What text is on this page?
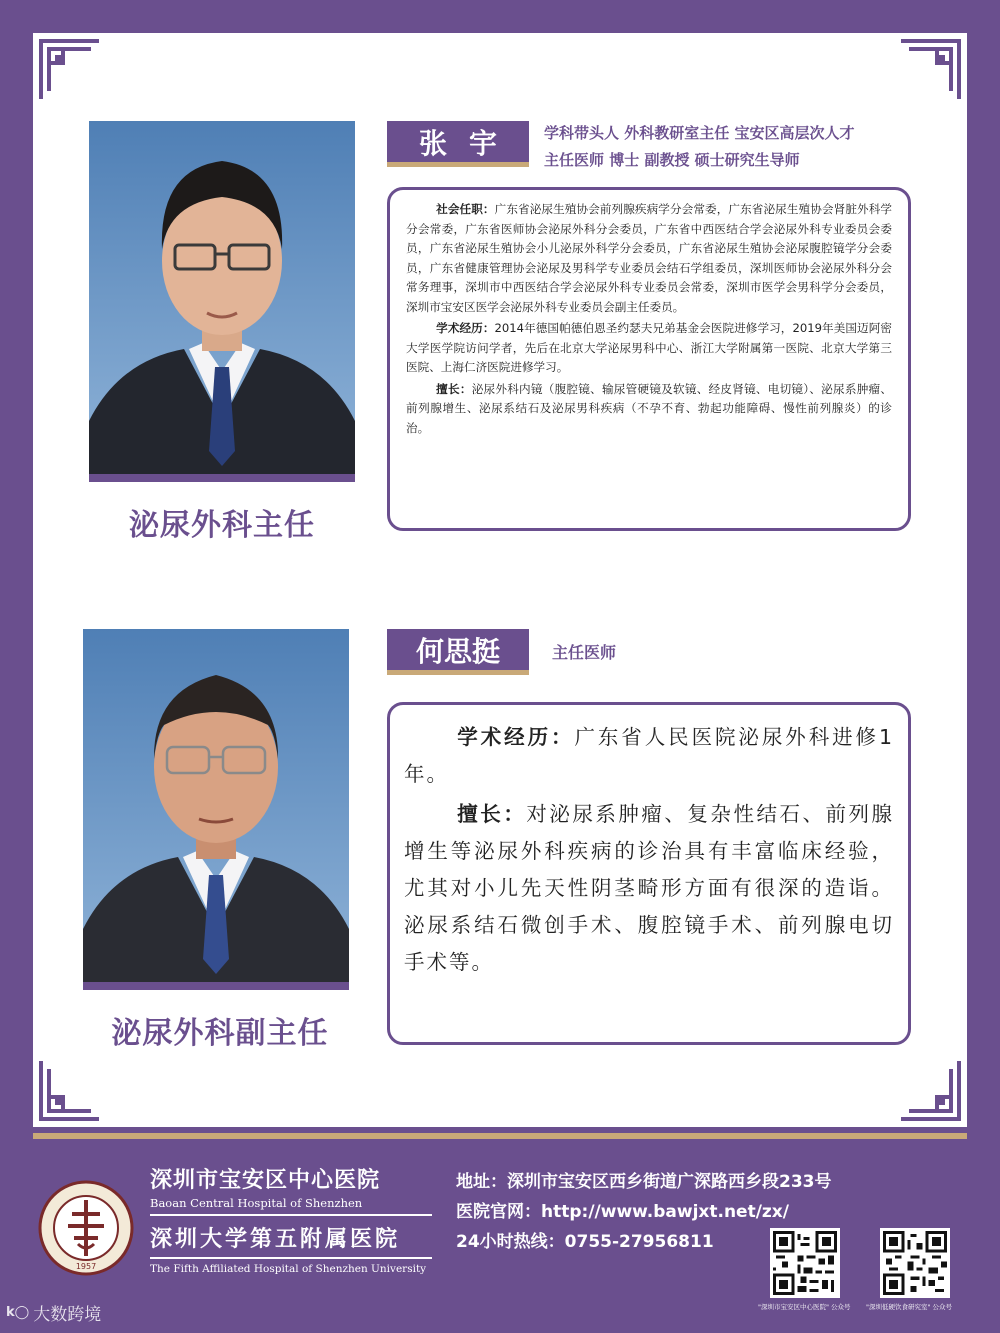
泌尿外科主任
张宇	学科带头人 外科教研室主任 宝安区高层次人才
主任医师 博士 副教授 硕士研究生导师

社会任职：广东省泌尿生殖协会前列腺疾病学分会常委，广东省泌尿生殖协会肾脏外科学分会常委，广东省医师协会泌尿外科分会委员，广东省中西医结合学会泌尿外科专业委员会委员，广东省泌尿生殖协会小儿泌尿外科学分会委员，广东省泌尿生殖协会泌尿腹腔镜学分会委员，广东省健康管理协会泌尿及男科学专业委员会结石学组委员，深圳医师协会泌尿外科分会常务理事，深圳市中西医结合学会泌尿外科专业委员会常委，深圳市医学会男科学分会委员，深圳市宝安区医学会泌尿外科专业委员会副主任委员。

学术经历：2014年德国帕德伯恩圣约瑟夫兄弟基金会医院进修学习，2019年美国迈阿密大学医学院访问学者，先后在北京大学泌尿男科中心、浙江大学附属第一医院、北京大学第三医院、上海仁济医院进修学习。

擅长：泌尿外科内镜（腹腔镜、输尿管硬镜及软镜、经皮肾镜、电切镜）、泌尿系肿瘤、前列腺增生、泌尿系结石及泌尿男科疾病（不孕不育、勃起功能障碍、慢性前列腺炎）的诊治。

泌尿外科副主任
何思挺	主任医师

学术经历：广东省人民医院泌尿外科进修1年。

擅长：对泌尿系肿瘤、复杂性结石、前列腺增生等泌尿外科疾病的诊治具有丰富临床经验，尤其对小儿先天性阴茎畸形方面有很深的造诣。泌尿系结石微创手术、腹腔镜手术、前列腺电切手术等。

1957
深圳市宝安区中心医院
Baoan Central Hospital of Shenzhen
深圳大学第五附属医院
The Fifth Affiliated Hospital of Shenzhen University
地址：深圳市宝安区西乡街道广深路西乡段233号
医院官网：http://www.bawjxt.net/zx/
24小时热线：0755-27956811
"深圳市宝安区中心医院" 公众号 "深圳低硬饮食研究室" 公众号
k◯ 大数跨境
